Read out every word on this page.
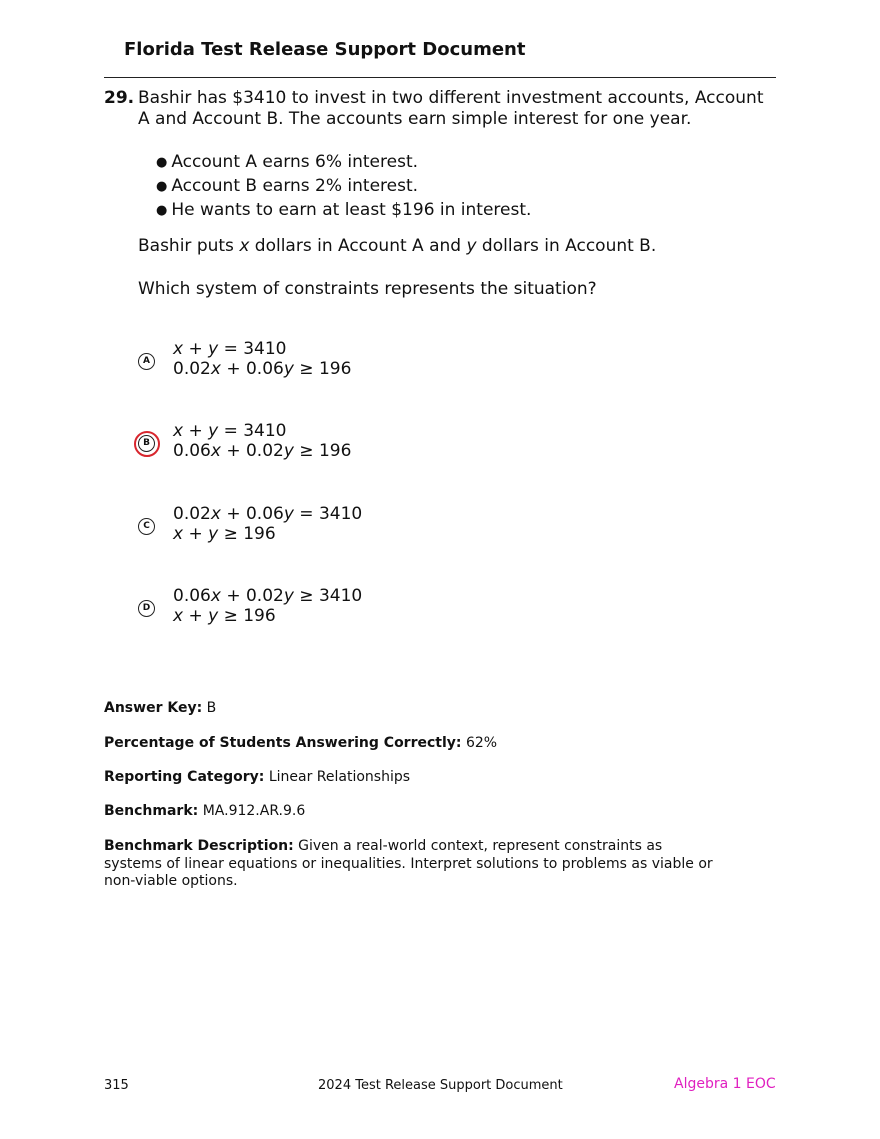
Florida Test Release Support Document
29. Bashir has $3410 to invest in two different investment accounts, Account A and Account B. The accounts earn simple interest for one year.
● Account A earns 6% interest.
● Account B earns 2% interest.
● He wants to earn at least $196 in interest.
Bashir puts x dollars in Account A and y dollars in Account B.
Which system of constraints represents the situation?
A
x + y = 3410
0.02x + 0.06y ≥ 196
B
x + y = 3410
0.06x + 0.02y ≥ 196
C
0.02x + 0.06y = 3410
x + y ≥ 196
D
0.06x + 0.02y ≥ 3410
x + y ≥ 196
Answer Key: B
Percentage of Students Answering Correctly: 62%
Reporting Category: Linear Relationships
Benchmark: MA.912.AR.9.6
Benchmark Description: Given a real-world context, represent constraints as systems of linear equations or inequalities. Interpret solutions to problems as viable or non-viable options.
315	2024 Test Release Support Document	Algebra 1 EOC
